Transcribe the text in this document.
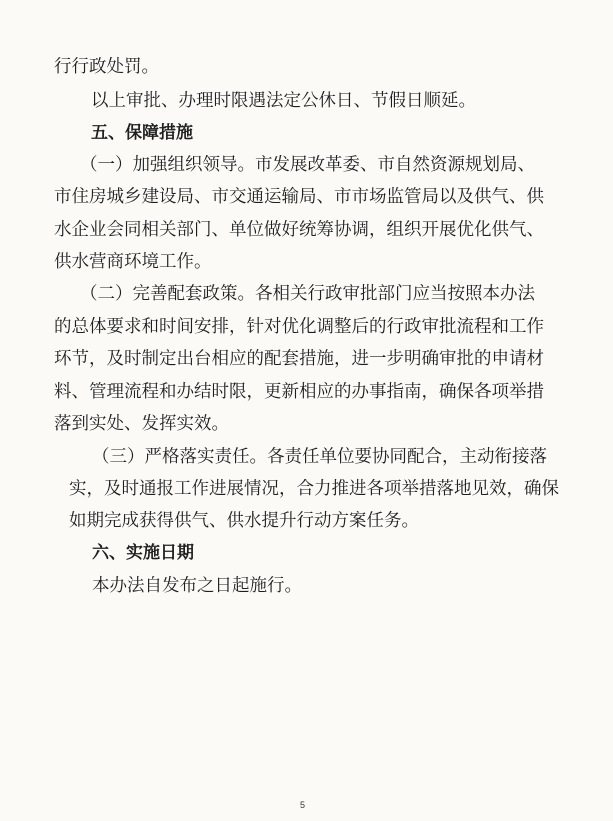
行行政处罚。
以上审批、办理时限遇法定公休日、节假日顺延。
五、保障措施
（一）加强组织领导。市发展改革委、市自然资源规划局、
市住房城乡建设局、市交通运输局、市市场监管局以及供气、供
水企业会同相关部门、单位做好统筹协调，组织开展优化供气、
供水营商环境工作。
（二）完善配套政策。各相关行政审批部门应当按照本办法
的总体要求和时间安排，针对优化调整后的行政审批流程和工作
环节，及时制定出台相应的配套措施，进一步明确审批的申请材
料、管理流程和办结时限，更新相应的办事指南，确保各项举措
落到实处、发挥实效。
（三）严格落实责任。各责任单位要协同配合，主动衔接落
实，及时通报工作进展情况，合力推进各项举措落地见效，确保
如期完成获得供气、供水提升行动方案任务。
六、实施日期
本办法自发布之日起施行。
5
